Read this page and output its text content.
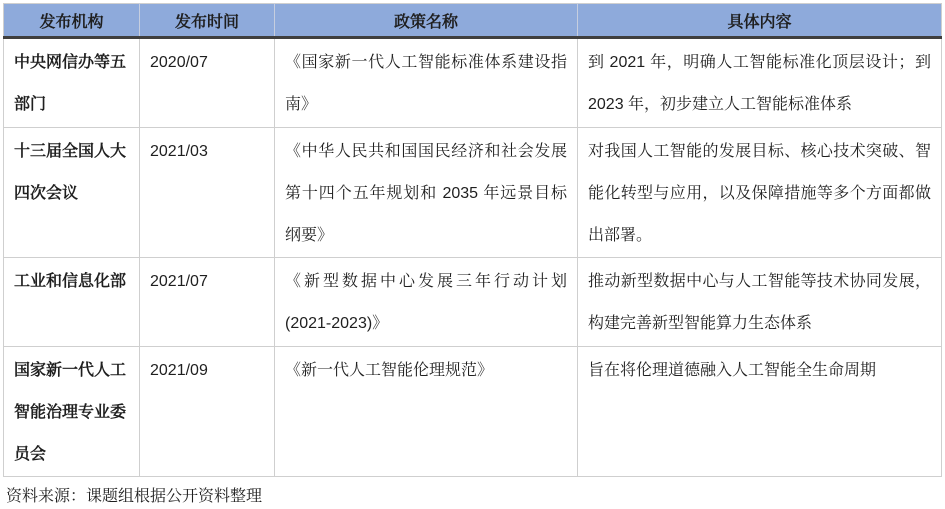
发布机构	发布时间	政策名称	具体内容
中央网信办等五部门	2020/07	《国家新一代人工智能标准体系建设指南》	到 2021 年，明确人工智能标准化顶层设计；到 2023 年，初步建立人工智能标准体系
十三届全国人大四次会议	2021/03	《中华人民共和国国民经济和社会发展第十四个五年规划和 2035 年远景目标纲要》	对我国人工智能的发展目标、核心技术突破、智能化转型与应用，以及保障措施等多个方面都做出部署。
工业和信息化部	2021/07	《新型数据中心发展三年行动计划 (2021-2023)》	推动新型数据中心与人工智能等技术协同发展，构建完善新型智能算力生态体系
国家新一代人工智能治理专业委员会	2021/09	《新一代人工智能伦理规范》	旨在将伦理道德融入人工智能全生命周期
资料来源：课题组根据公开资料整理
